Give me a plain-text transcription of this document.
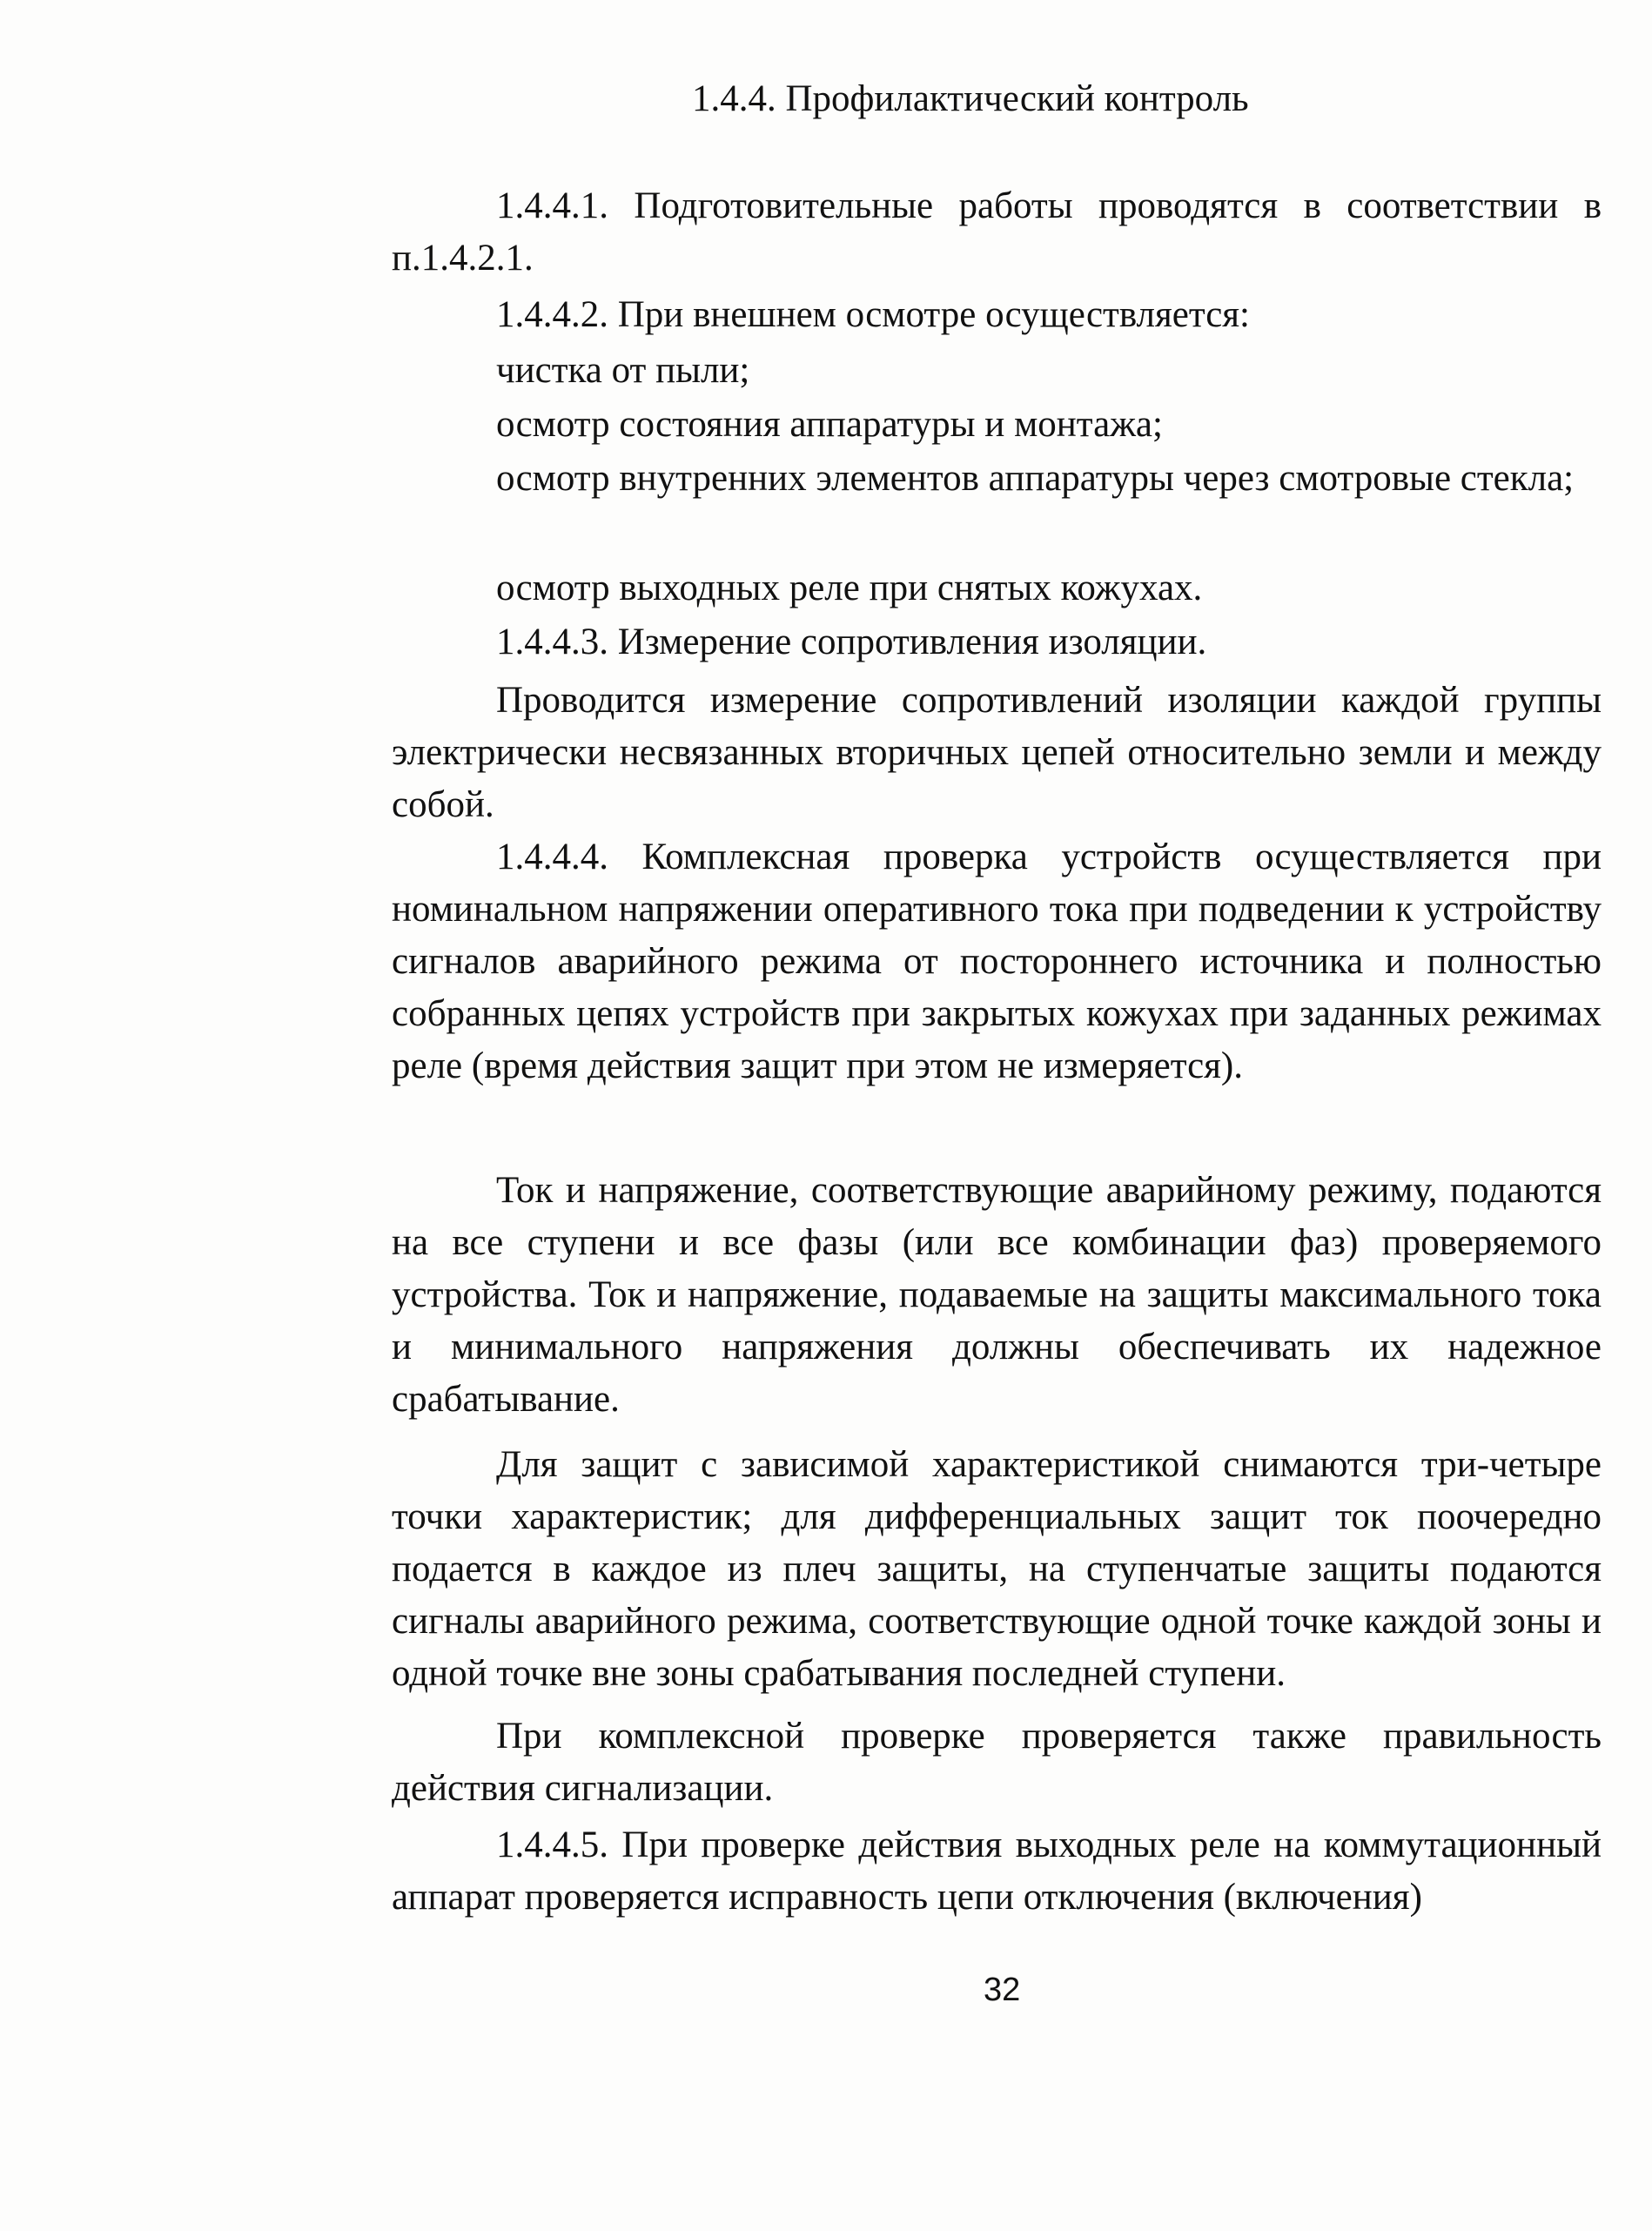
1.4.4. Профилактический контроль

1.4.4.1. Подготовительные работы проводятся в соответствии в п.1.4.2.1.

1.4.4.2. При внешнем осмотре осуществляется:
чистка от пыли;
осмотр состояния аппаратуры и монтажа;

осмотр внутренних элементов аппаратуры через смотровые стекла;

осмотр выходных реле при снятых кожухах.
1.4.4.3. Измерение сопротивления изоляции.

Проводится измерение сопротивлений изоляции каждой группы электрически несвязанных вторичных цепей относительно земли и между собой.

1.4.4.4. Комплексная проверка устройств осуществляется при номинальном напряжении оперативного тока при подведении к устройству сигналов аварийного режима от постороннего источника и полностью собранных цепях устройств при закрытых кожухах при заданных режимах реле (время действия защит при этом не измеряется).

Ток и напряжение, соответствующие аварийному режиму, подаются на все ступени и все фазы (или все комбинации фаз) проверяемого устройства. Ток и напряжение, подаваемые на защиты максимального тока и минимального напряжения должны обеспечивать их надежное срабатывание.

Для защит с зависимой характеристикой снимаются три-четыре точки характеристик; для дифференциальных защит ток поочередно подается в каждое из плеч защиты, на ступенчатые защиты подаются сигналы аварийного режима, соответствующие одной точке каждой зоны и одной точке вне зоны срабатывания последней ступени.

При комплексной проверке проверяется также правильность действия сигнализации.

1.4.4.5. При проверке действия выходных реле на коммутационный аппарат проверяется исправность цепи отключения (включения)

32
